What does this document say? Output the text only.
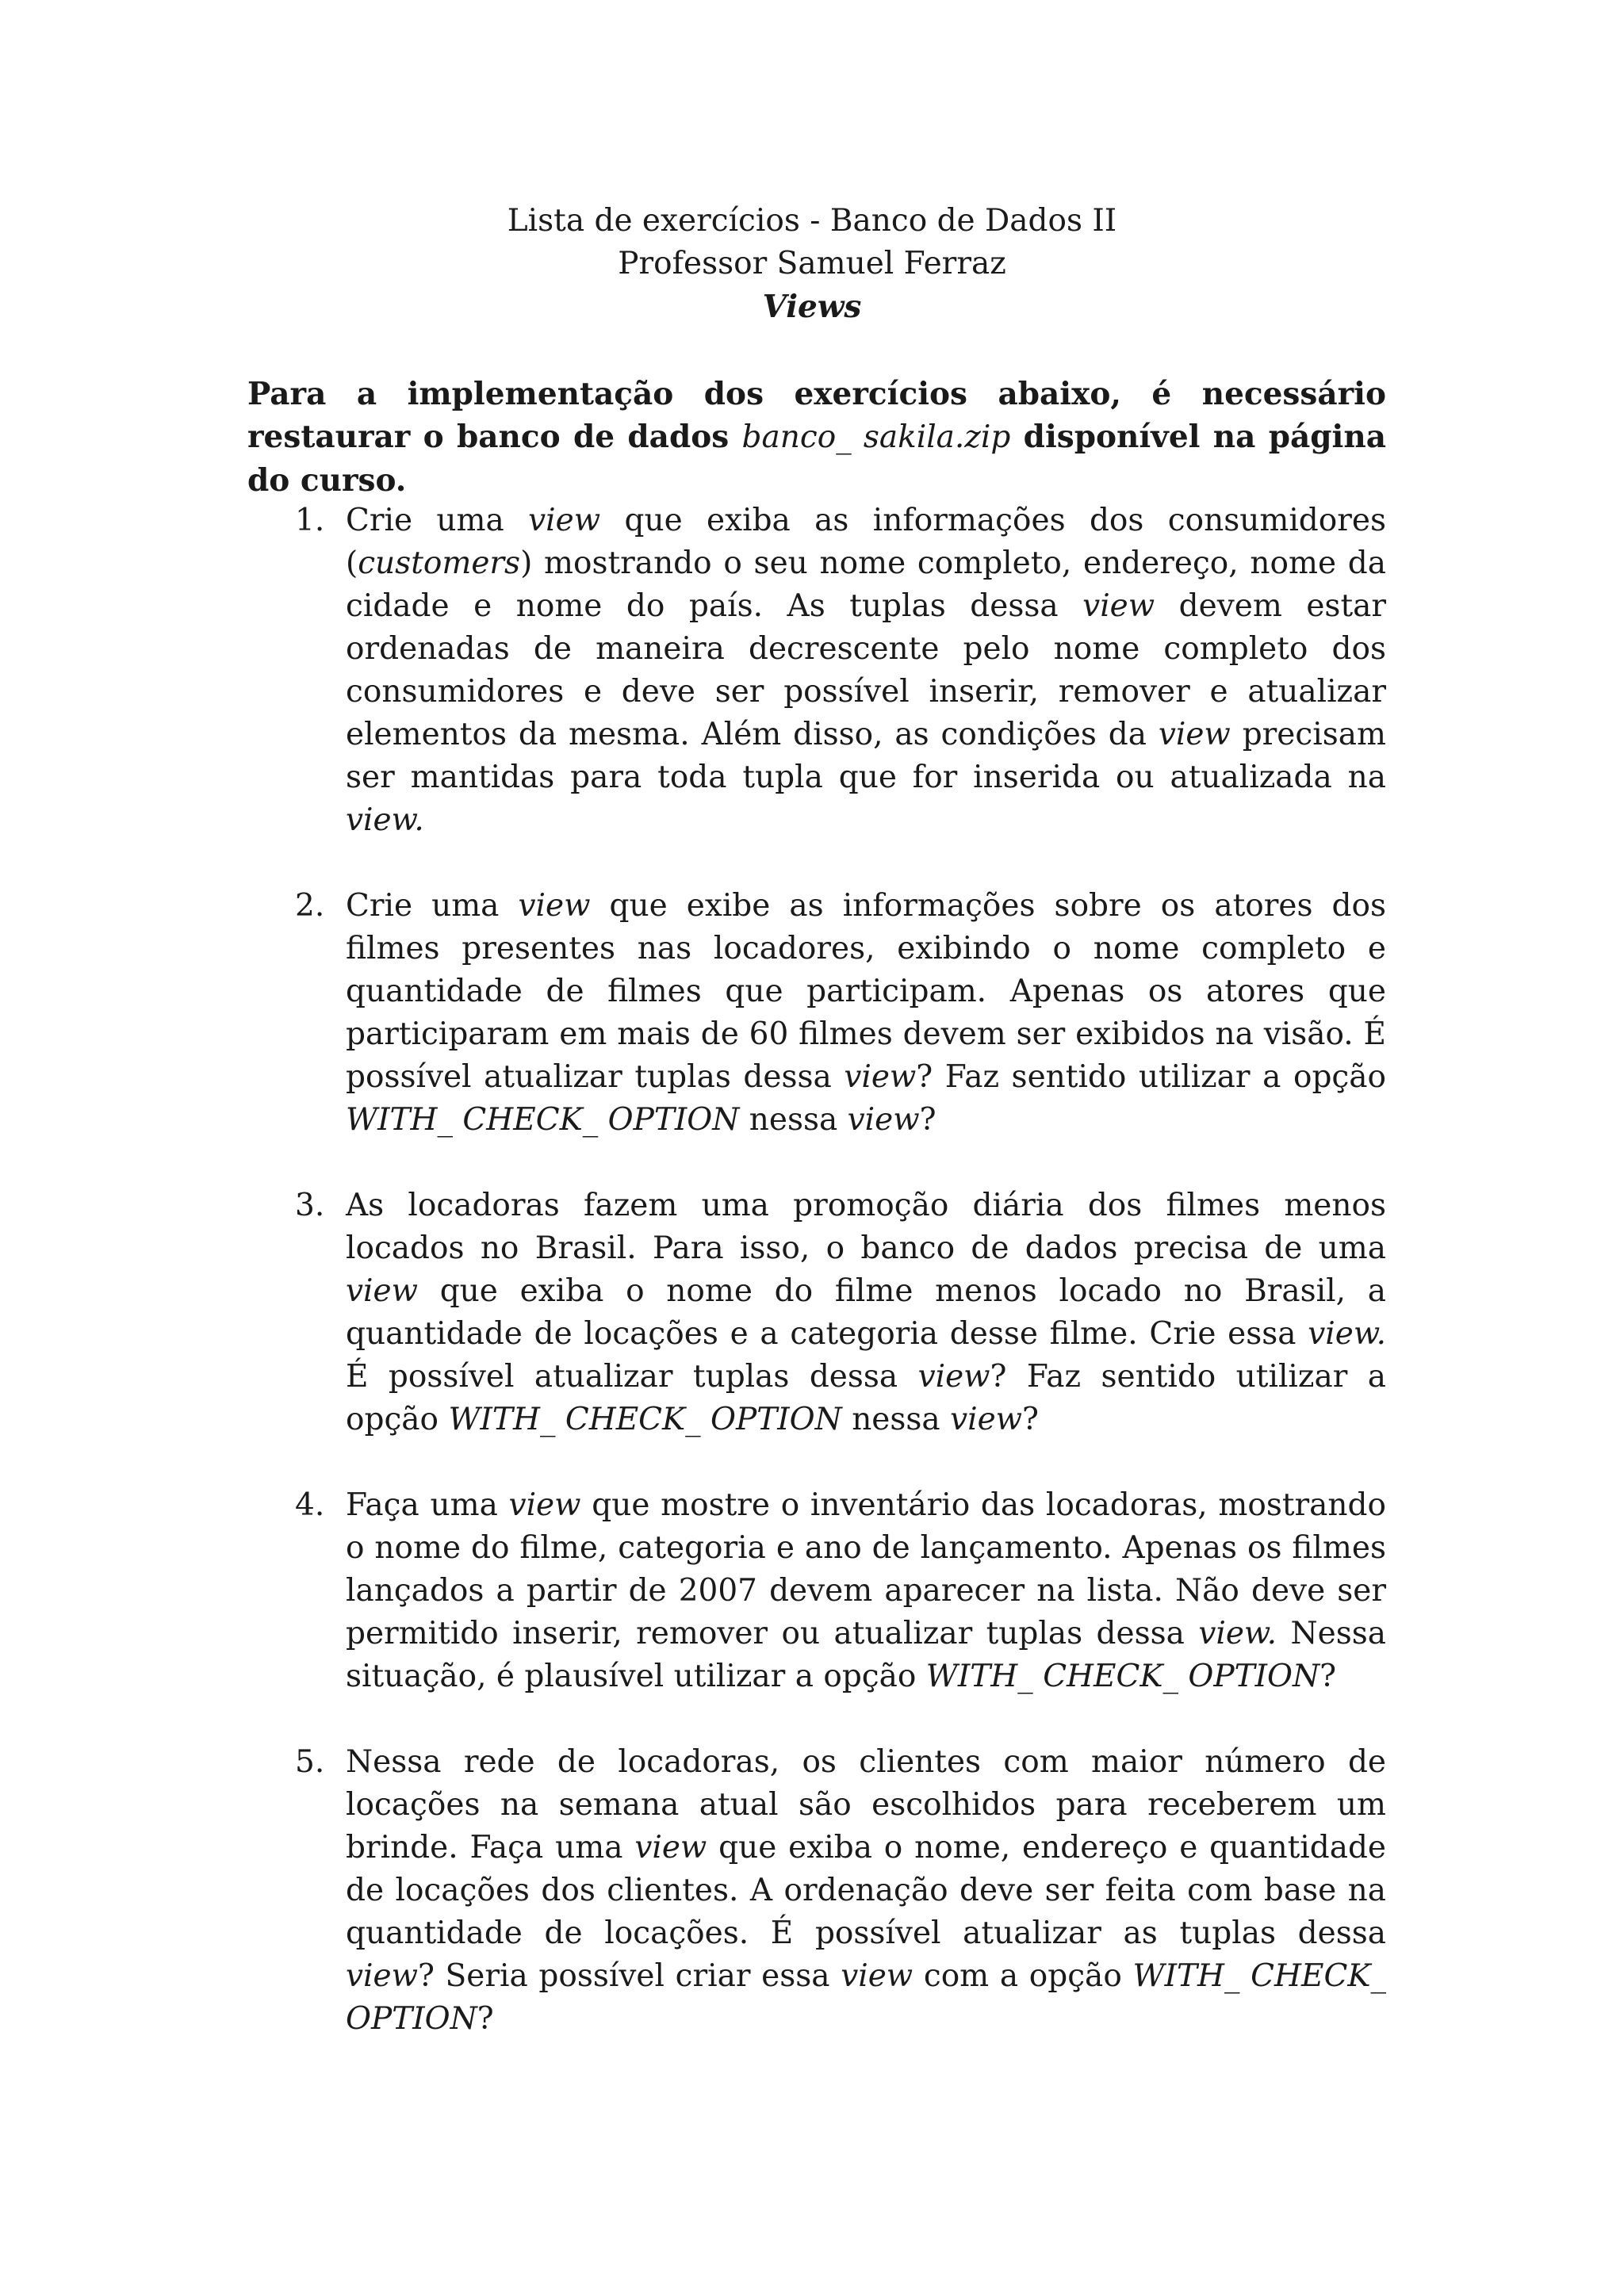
Lista de exercícios - Banco de Dados II
Professor Samuel Ferraz
Views
Para a implementação dos exercícios abaixo, é necessário restaurar o banco de dados banco_ sakila.zip disponível na página do curso.
1. Crie uma view que exiba as informações dos consumidores (customers) mostrando o seu nome completo, endereço, nome da cidade e nome do país. As tuplas dessa view devem estar ordenadas de maneira decrescente pelo nome completo dos consumidores e deve ser possível inserir, remover e atualizar elementos da mesma. Além disso, as condições da view precisam ser mantidas para toda tupla que for inserida ou atualizada na view.
2. Crie uma view que exibe as informações sobre os atores dos filmes presentes nas locadores, exibindo o nome completo e quantidade de filmes que participam. Apenas os atores que participaram em mais de 60 filmes devem ser exibidos na visão. É possível atualizar tuplas dessa view? Faz sentido utilizar a opção WITH_ CHECK_ OPTION nessa view?
3. As locadoras fazem uma promoção diária dos filmes menos locados no Brasil. Para isso, o banco de dados precisa de uma view que exiba o nome do filme menos locado no Brasil, a quantidade de locações e a categoria desse filme. Crie essa view. É possível atualizar tuplas dessa view? Faz sentido utilizar a opção WITH_ CHECK_ OPTION nessa view?
4. Faça uma view que mostre o inventário das locadoras, mostrando o nome do filme, categoria e ano de lançamento. Apenas os filmes lançados a partir de 2007 devem aparecer na lista. Não deve ser permitido inserir, remover ou atualizar tuplas dessa view. Nessa situação, é plausível utilizar a opção WITH_ CHECK_ OPTION?
5. Nessa rede de locadoras, os clientes com maior número de locações na semana atual são escolhidos para receberem um brinde. Faça uma view que exiba o nome, endereço e quantidade de locações dos clientes. A ordenação deve ser feita com base na quantidade de locações. É possível atualizar as tuplas dessa view? Seria possível criar essa view com a opção WITH_ CHECK_ OPTION?
